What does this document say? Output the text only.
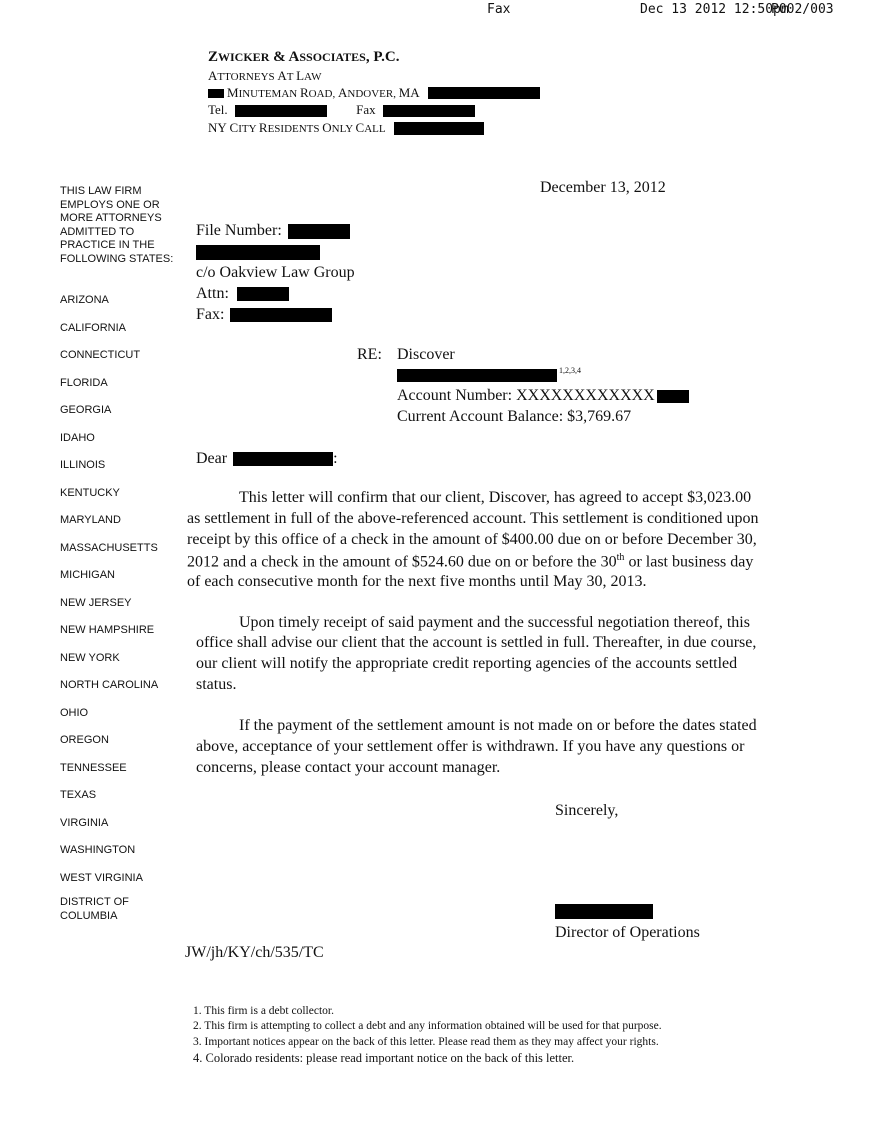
Fax	Dec 13 2012 12:50pm
P002/003
ZWICKER & ASSOCIATES, P.C.
ATTORNEYS AT LAW
MINUTEMAN ROAD, ANDOVER, MA
Tel.	Fax
NY CITY RESIDENTS ONLY CALL
THIS LAW FIRM
EMPLOYS ONE OR
MORE ATTORNEYS
ADMITTED TO
PRACTICE IN THE
FOLLOWING STATES:
ARIZONA
CALIFORNIA
CONNECTICUT
FLORIDA
GEORGIA
IDAHO
ILLINOIS
KENTUCKY
MARYLAND
MASSACHUSETTS
MICHIGAN
NEW JERSEY
NEW HAMPSHIRE
NEW YORK
NORTH CAROLINA
OHIO
OREGON
TENNESSEE
TEXAS
VIRGINIA
WASHINGTON
WEST VIRGINIA
DISTRICT OF
COLUMBIA
December 13, 2012
File Number:
c/o Oakview Law Group
Attn:
Fax:
RE: Discover
$^{1,2,3,4}$
Account Number: XXXXXXXXXXXX
Current Account Balance: $3,769.67
Dear	:
This letter will confirm that our client, Discover, has agreed to accept $3,023.00
as settlement in full of the above-referenced account. This settlement is conditioned upon
receipt by this office of a check in the amount of $400.00 due on or before December 30,
2012 and a check in the amount of $524.60 due on or before the 30th or last business day
of each consecutive month for the next five months until May 30, 2013.
Upon timely receipt of said payment and the successful negotiation thereof, this
office shall advise our client that the account is settled in full. Thereafter, in due course,
our client will notify the appropriate credit reporting agencies of the accounts settled
status.
If the payment of the settlement amount is not made on or before the dates stated
above, acceptance of your settlement offer is withdrawn. If you have any questions or
concerns, please contact your account manager.
Sincerely,
Director of Operations
JW/jh/KY/ch/535/TC
1. This firm is a debt collector.
2. This firm is attempting to collect a debt and any information obtained will be used for that purpose.
3. Important notices appear on the back of this letter. Please read them as they may affect your rights.
4. Colorado residents: please read important notice on the back of this letter.
